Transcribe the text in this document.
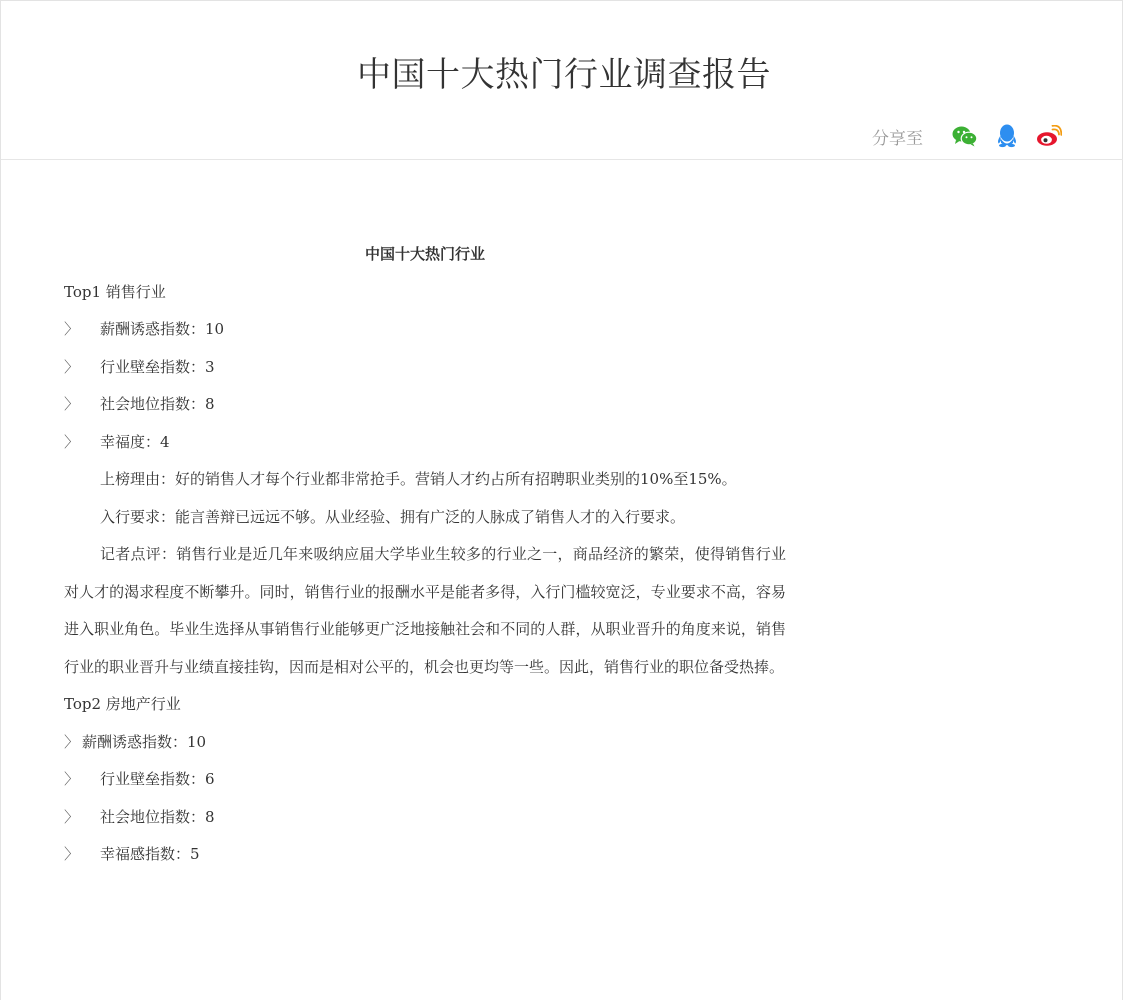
中国十大热门行业调查报告
分享至

中国十大热门行业

Top1 销售行业

〉	薪酬诱惑指数：10

〉	行业壁垒指数：3

〉	社会地位指数：8

〉	幸福度：4

上榜理由：好的销售人才每个行业都非常抢手。营销人才约占所有招聘职业类别的10%至15%。

入行要求：能言善辩已远远不够。从业经验、拥有广泛的人脉成了销售人才的入行要求。

记者点评：销售行业是近几年来吸纳应届大学毕业生较多的行业之一，商品经济的繁荣，使得销售行业对人才的渴求程度不断攀升。同时，销售行业的报酬水平是能者多得，入行门槛较宽泛，专业要求不高，容易进入职业角色。毕业生选择从事销售行业能够更广泛地接触社会和不同的人群，从职业晋升的角度来说，销售行业的职业晋升与业绩直接挂钩，因而是相对公平的，机会也更均等一些。因此，销售行业的职位备受热捧。

Top2 房地产行业

〉 薪酬诱惑指数：10

〉	行业壁垒指数：6

〉	社会地位指数：8

〉	幸福感指数：5
